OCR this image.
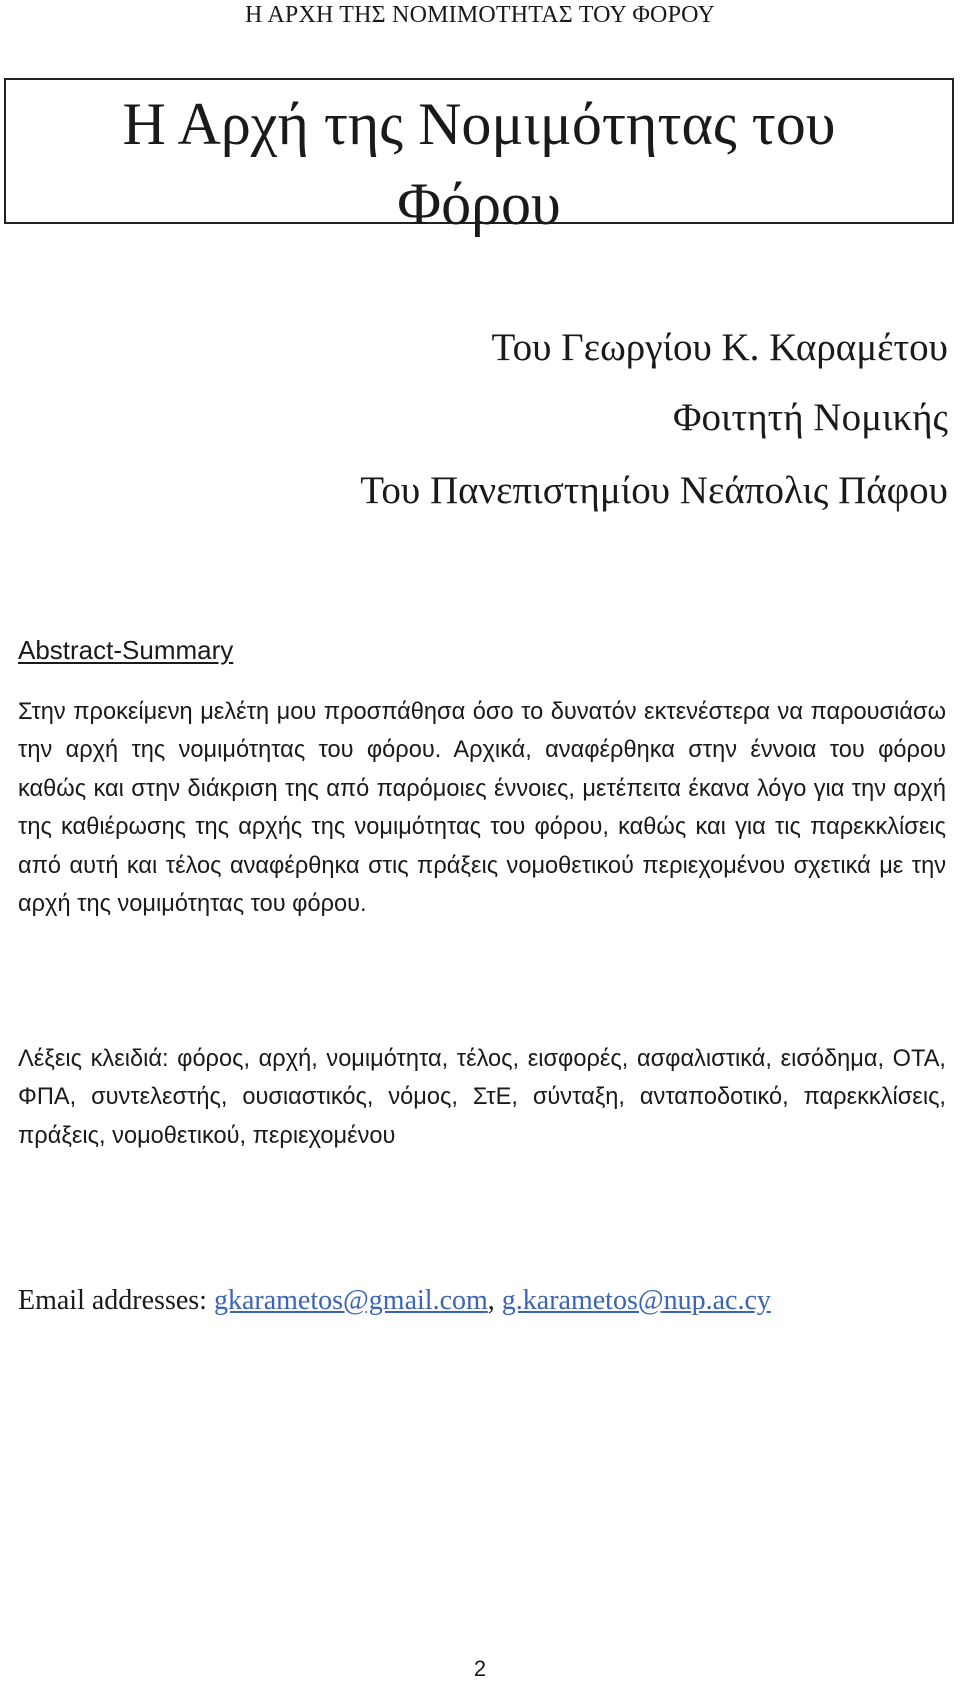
Η ΑΡΧΗ ΤΗΣ ΝΟΜΙΜΟΤΗΤΑΣ ΤΟΥ ΦΟΡΟΥ
Η Αρχή της Νομιμότητας του
Φόρου
Του Γεωργίου Κ. Καραμέτου
Φοιτητή Νομικής
Του Πανεπιστημίου Νεάπολις Πάφου
Abstract-Summary

Στην προκείμενη μελέτη μου προσπάθησα όσο το δυνατόν εκτενέστερα να παρουσιάσω την αρχή της νομιμότητας του φόρου. Αρχικά, αναφέρθηκα στην έννοια του φόρου καθώς και στην διάκριση της από παρόμοιες έννοιες, μετέπειτα έκανα λόγο για την αρχή της καθιέρωσης της αρχής της νομιμότητας του φόρου, καθώς και για τις παρεκκλίσεις από αυτή και τέλος αναφέρθηκα στις πράξεις νομοθετικού περιεχομένου σχετικά με την αρχή της νομιμότητας του φόρου.

Λέξεις κλειδιά: φόρος, αρχή, νομιμότητα, τέλος, εισφορές, ασφαλιστικά, εισόδημα, ΟΤΑ, ΦΠΑ, συντελεστής, ουσιαστικός, νόμος, ΣτΕ, σύνταξη, ανταποδοτικό, παρεκκλίσεις, πράξεις, νομοθετικού, περιεχομένου

Email addresses: gkarametos@gmail.com, g.karametos@nup.ac.cy
2
